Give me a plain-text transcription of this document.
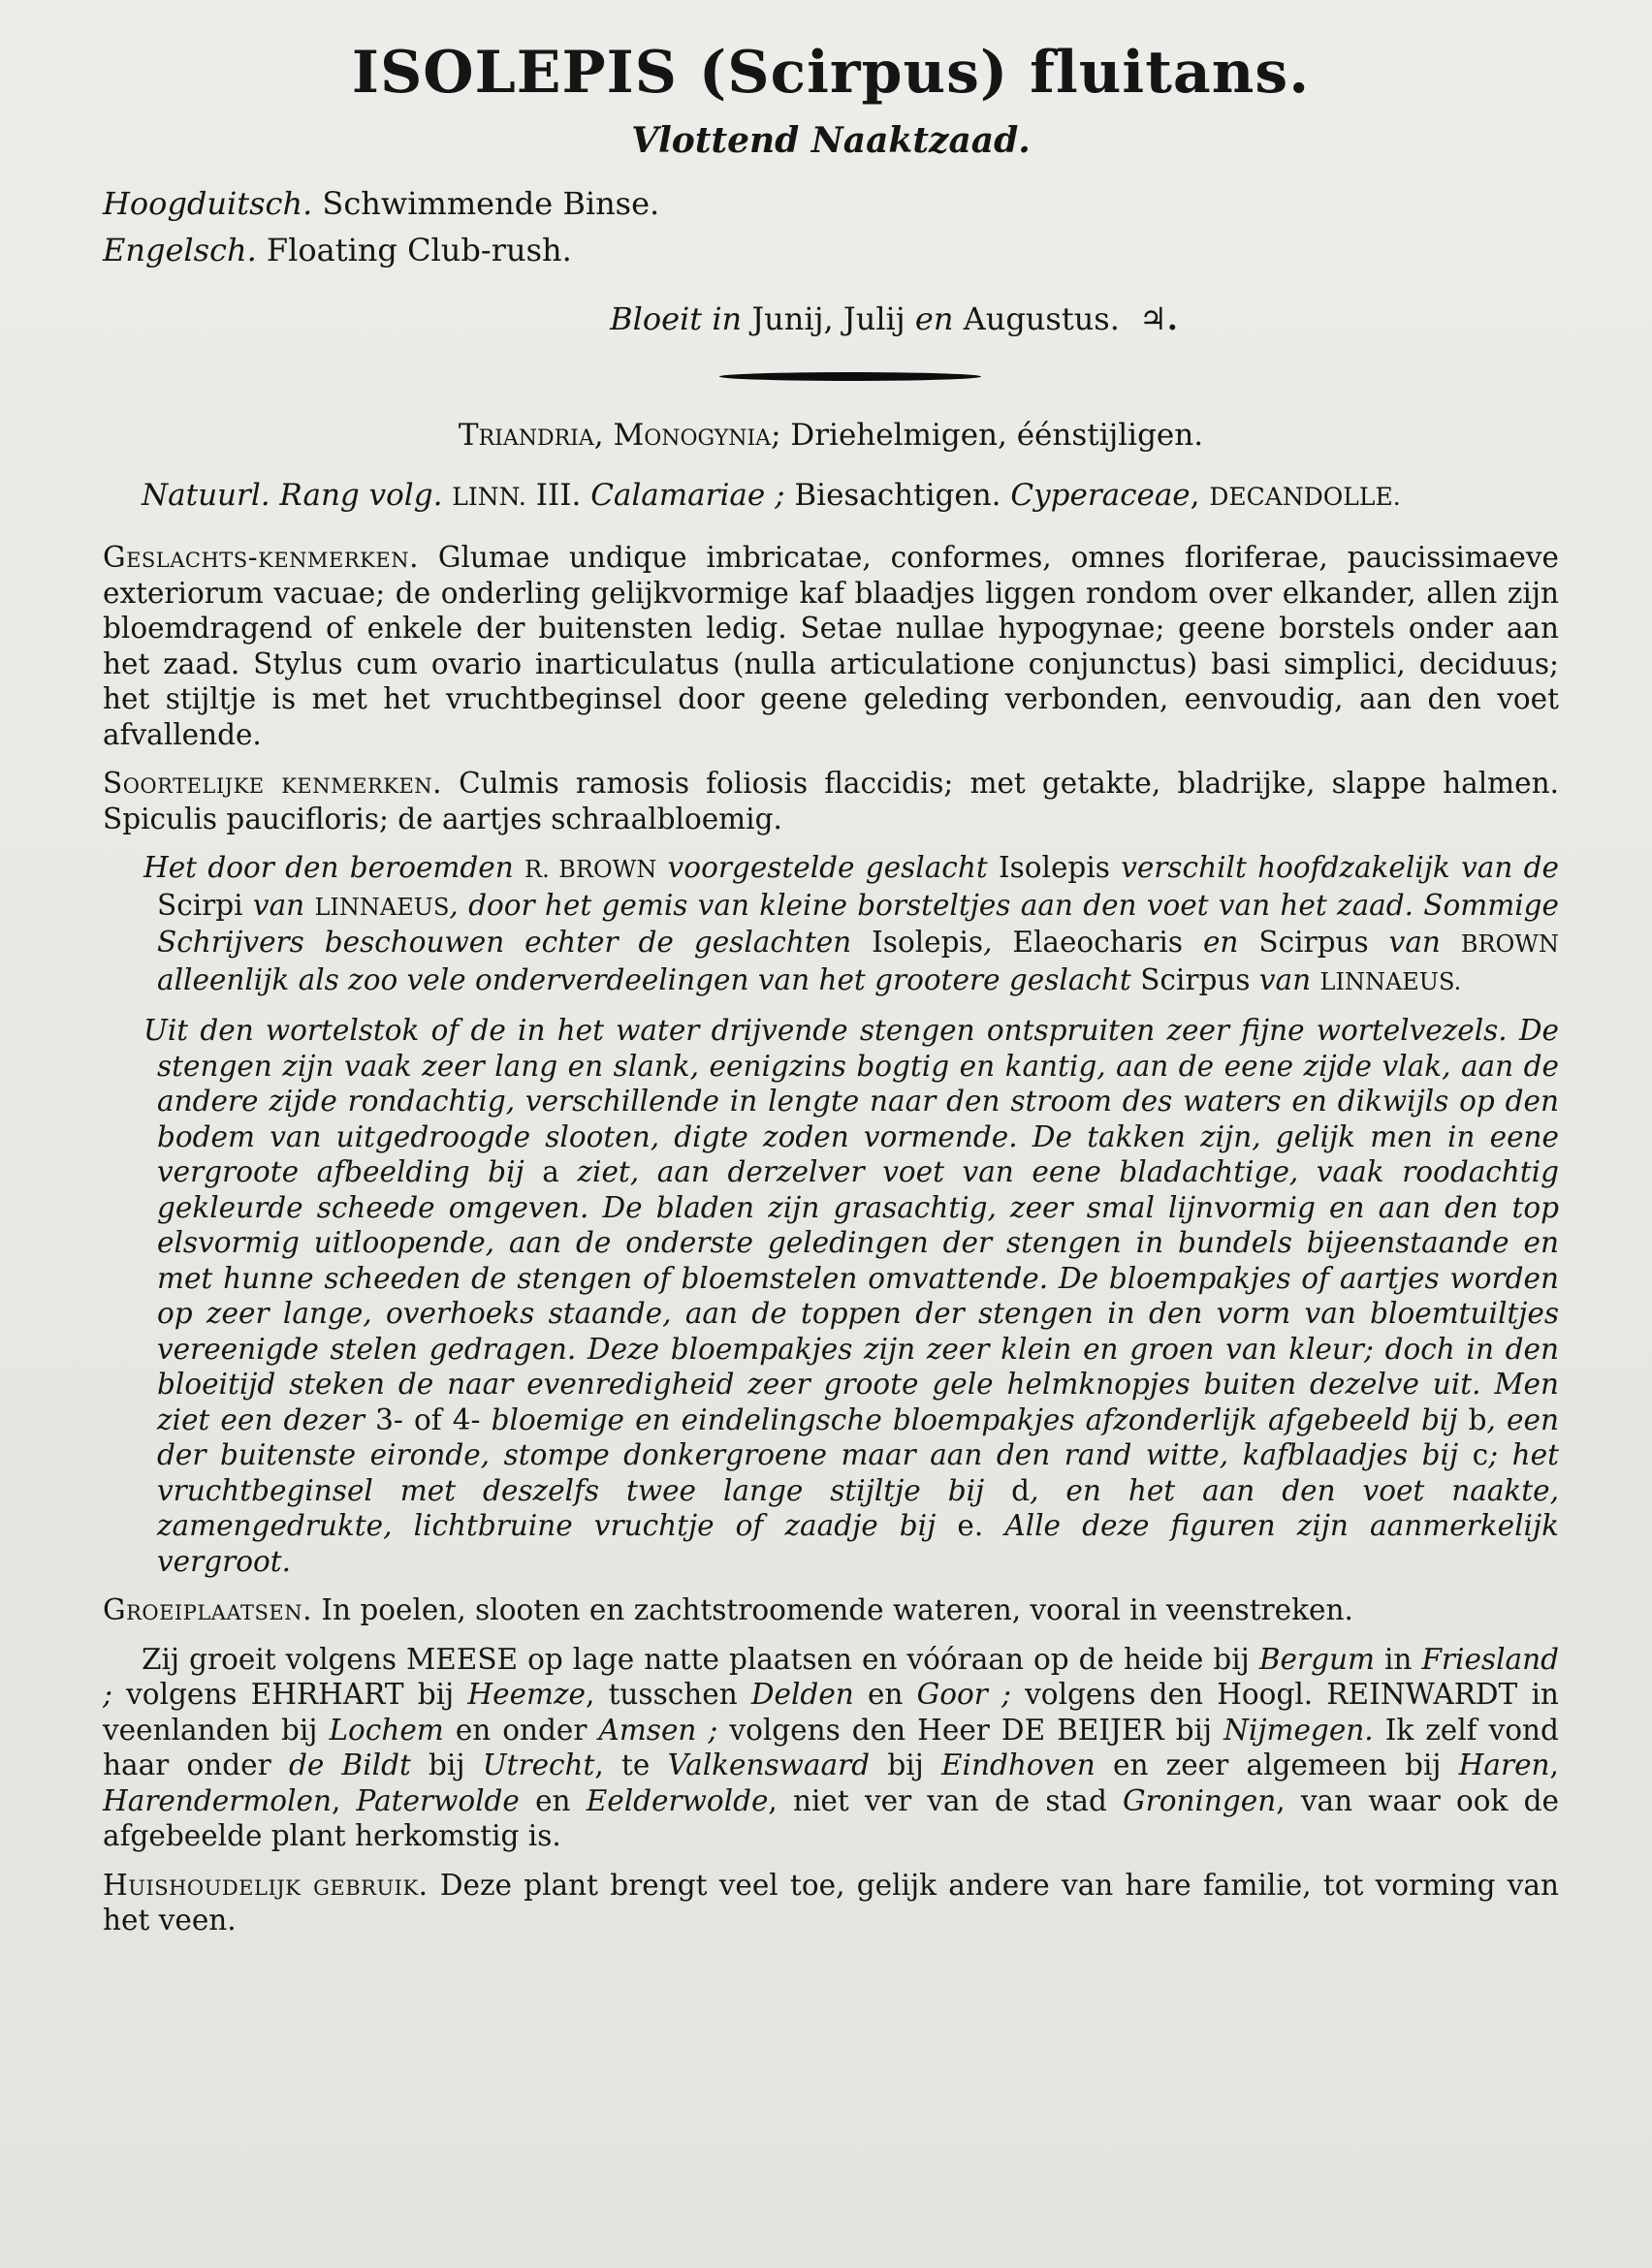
ISOLEPIS (Scirpus) fluitans.
Vlottend Naaktzaad.
Hoogduitsch. Schwimmende Binse.
Engelsch. Floating Club-rush.
Bloeit in Junij, Julij en Augustus. ♃.
Triandria, Monogynia; Driehelmigen, éénstijligen.
Natuurl. Rang volg. LINN. III. Calamariae ; Biesachtigen. Cyperaceae, DECANDOLLE.

Geslachts-kenmerken. Glumae undique imbricatae, conformes, omnes floriferae, paucissimaeve exteriorum vacuae; de onderling gelijkvormige kaf blaadjes liggen rondom over elkander, allen zijn bloemdragend of enkele der buitensten ledig. Setae nullae hypogynae; geene borstels onder aan het zaad. Stylus cum ovario inarticulatus (nulla articulatione conjunctus) basi simplici, deciduus; het stijltje is met het vruchtbeginsel door geene geleding verbonden, eenvoudig, aan den voet afvallende.

Soortelijke kenmerken. Culmis ramosis foliosis flaccidis; met getakte, bladrijke, slappe halmen. Spiculis paucifloris; de aartjes schraalbloemig.

Het door den beroemden R. BROWN voorgestelde geslacht Isolepis verschilt hoofdzakelijk van de Scirpi van LINNAEUS, door het gemis van kleine borsteltjes aan den voet van het zaad. Sommige Schrijvers beschouwen echter de geslachten Isolepis, Elaeocharis en Scirpus van BROWN alleenlijk als zoo vele onderverdeelingen van het grootere geslacht Scirpus van LINNAEUS.

Uit den wortelstok of de in het water drijvende stengen ontspruiten zeer fijne wortelvezels. De stengen zijn vaak zeer lang en slank, eenigzins bogtig en kantig, aan de eene zijde vlak, aan de andere zijde rondachtig, verschillende in lengte naar den stroom des waters en dikwijls op den bodem van uitgedroogde slooten, digte zoden vormende. De takken zijn, gelijk men in eene vergroote afbeelding bij a ziet, aan derzelver voet van eene bladachtige, vaak roodachtig gekleurde scheede omgeven. De bladen zijn grasachtig, zeer smal lijnvormig en aan den top elsvormig uitloopende, aan de onderste geledingen der stengen in bundels bijeenstaande en met hunne scheeden de stengen of bloemstelen omvattende. De bloempakjes of aartjes worden op zeer lange, overhoeks staande, aan de toppen der stengen in den vorm van bloemtuiltjes vereenigde stelen gedragen. Deze bloempakjes zijn zeer klein en groen van kleur; doch in den bloeitijd steken de naar evenredigheid zeer groote gele helmknopjes buiten dezelve uit. Men ziet een dezer 3- of 4- bloemige en eindelingsche bloempakjes afzonderlijk afgebeeld bij b, een der buitenste eironde, stompe donkergroene maar aan den rand witte, kafblaadjes bij c; het vruchtbeginsel met deszelfs twee lange stijltje bij d, en het aan den voet naakte, zamengedrukte, lichtbruine vruchtje of zaadje bij e. Alle deze figuren zijn aanmerkelijk vergroot.

Groeiplaatsen. In poelen, slooten en zachtstroomende wateren, vooral in veenstreken.

Zij groeit volgens MEESE op lage natte plaatsen en vóóraan op de heide bij Bergum in Friesland ; volgens EHRHART bij Heemze, tusschen Delden en Goor ; volgens den Hoogl. REINWARDT in veenlanden bij Lochem en onder Amsen ; volgens den Heer DE BEIJER bij Nijmegen. Ik zelf vond haar onder de Bildt bij Utrecht, te Valkenswaard bij Eindhoven en zeer algemeen bij Haren, Harendermolen, Paterwolde en Eelderwolde, niet ver van de stad Groningen, van waar ook de afgebeelde plant herkomstig is.

Huishoudelijk gebruik. Deze plant brengt veel toe, gelijk andere van hare familie, tot vorming van het veen.
